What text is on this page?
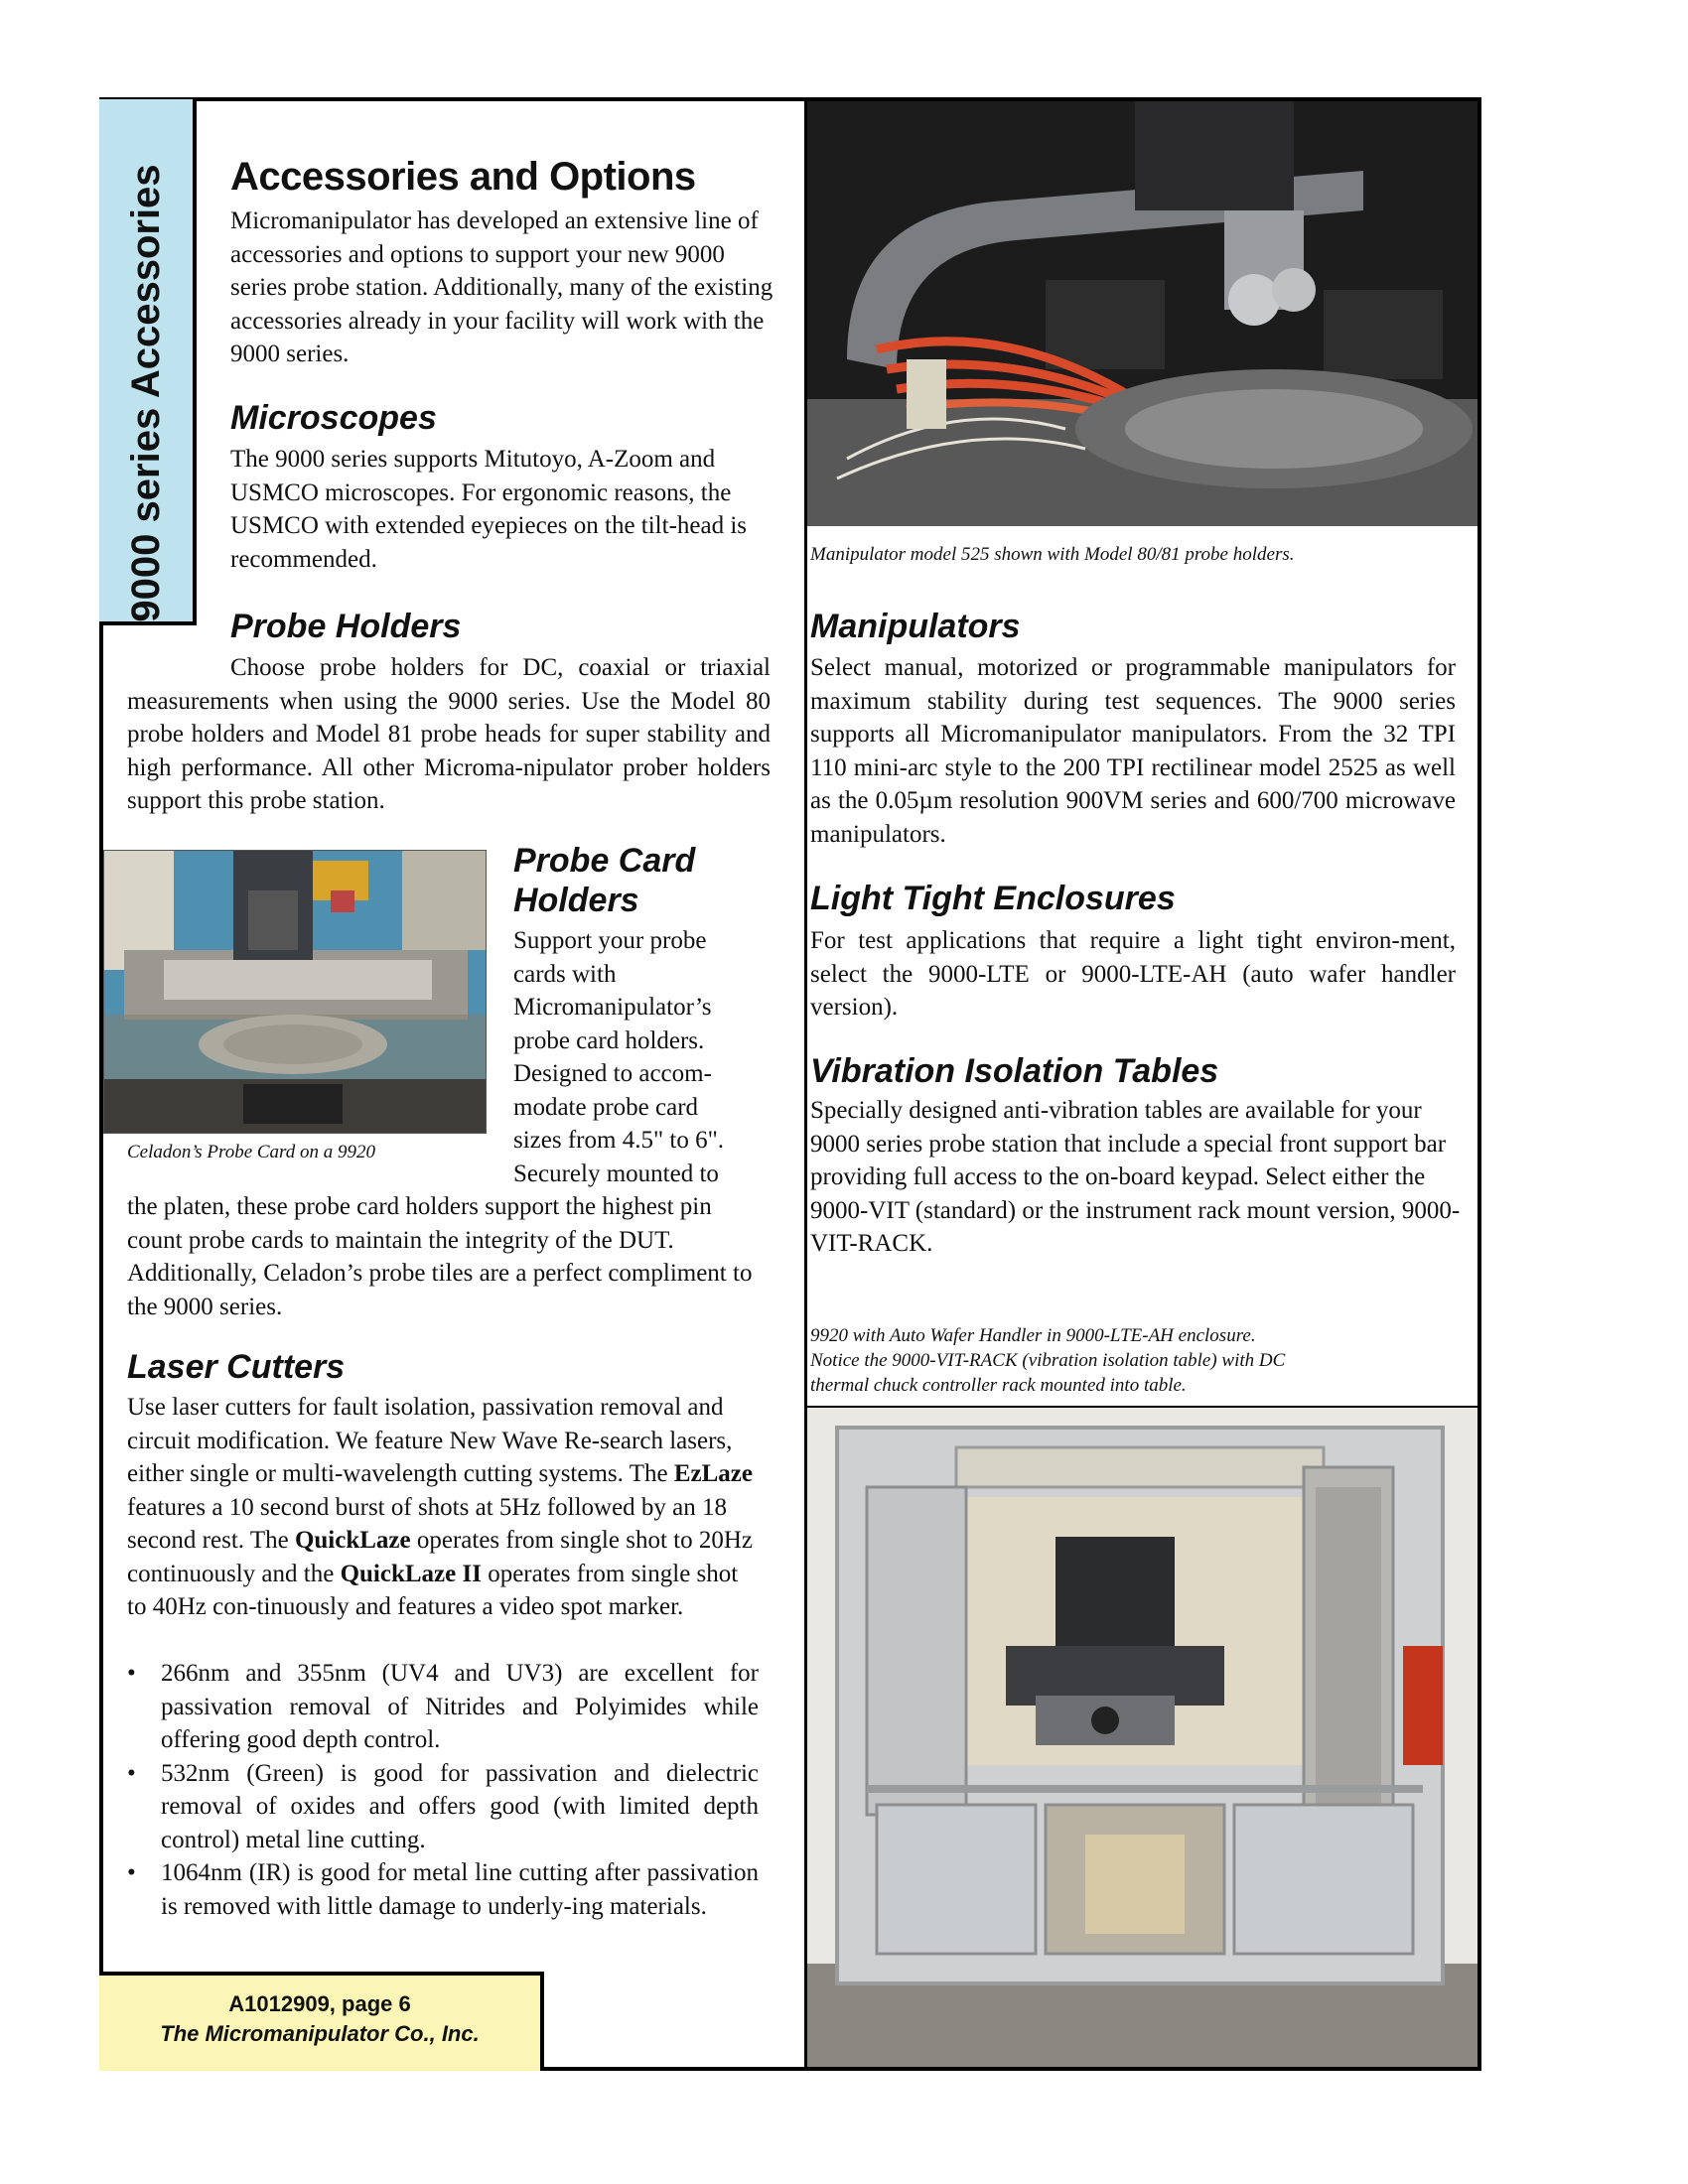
9000 series Accessories Accessories and Options

Micromanipulator has developed an extensive line of accessories and options to support your new 9000 series probe station. Additionally, many of the existing accessories already in your facility will work with the 9000 series.

Microscopes

The 9000 series supports Mitutoyo, A-Zoom and USMCO microscopes. For ergonomic reasons, the USMCO with extended eyepieces on the tilt-head is recommended.

Probe Holders

Choose probe holders for DC, coaxial or triaxial measurements when using the 9000 series. Use the Model 80 probe holders and Model 81 probe heads for super stability and high performance. All other Microma-nipulator prober holders support this probe station.

Celadon’s Probe Card on a 9920

Probe Card
Holders
Support your probe
cards with
Micromanipulator’s
probe card holders.
Designed to accom-
modate probe card
sizes from 4.5" to 6".
Securely mounted to

the platen, these probe card holders support the highest pin count probe cards to maintain the integrity of the DUT. Additionally, Celadon’s probe tiles are a perfect compliment to the 9000 series.

Laser Cutters

Use laser cutters for fault isolation, passivation removal and circuit modification. We feature New Wave Re-search lasers, either single or multi-wavelength cutting systems. The EzLaze features a 10 second burst of shots at 5Hz followed by an 18 second rest. The QuickLaze operates from single shot to 20Hz continuously and the QuickLaze II operates from single shot to 40Hz con-tinuously and features a video spot marker.

• 266nm and 355nm (UV4 and UV3) are excellent for passivation removal of Nitrides and Polyimides while offering good depth control.
• 532nm (Green) is good for passivation and dielectric removal of oxides and offers good (with limited depth control) metal line cutting.
• 1064nm (IR) is good for metal line cutting after passivation is removed with little damage to underly-ing materials.
A1012909, page 6
The Micromanipulator Co., Inc.

Manipulator model 525 shown with Model 80/81 probe holders.

Manipulators

Select manual, motorized or programmable manipulators for maximum stability during test sequences. The 9000 series supports all Micromanipulator manipulators. From the 32 TPI 110 mini-arc style to the 200 TPI rectilinear model 2525 as well as the 0.05µm resolution 900VM series and 600/700 microwave manipulators.

Light Tight Enclosures

For test applications that require a light tight environ-ment, select the 9000-LTE or 9000-LTE-AH (auto wafer handler version).

Vibration Isolation Tables

Specially designed anti-vibration tables are available for your 9000 series probe station that include a special front support bar providing full access to the on-board keypad. Select either the 9000-VIT (standard) or the instrument rack mount version, 9000-VIT-RACK.

9920 with Auto Wafer Handler in 9000-LTE-AH enclosure.
Notice the 9000-VIT-RACK (vibration isolation table) with DC
thermal chuck controller rack mounted into table.
